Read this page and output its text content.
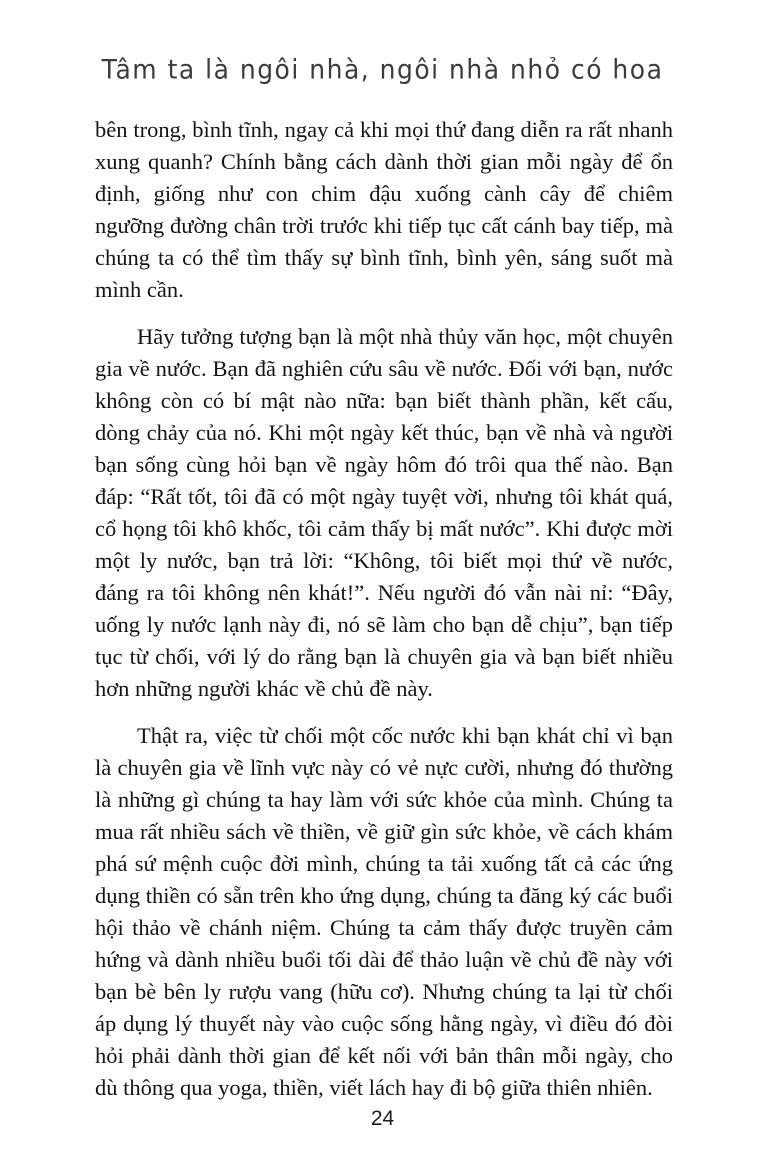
Tâm ta là ngôi nhà, ngôi nhà nhỏ có hoa

bên trong, bình tĩnh, ngay cả khi mọi thứ đang diễn ra rất nhanh xung quanh? Chính bằng cách dành thời gian mỗi ngày để ổn định, giống như con chim đậu xuống cành cây để chiêm ngưỡng đường chân trời trước khi tiếp tục cất cánh bay tiếp, mà chúng ta có thể tìm thấy sự bình tĩnh, bình yên, sáng suốt mà mình cần.

Hãy tưởng tượng bạn là một nhà thủy văn học, một chuyên gia về nước. Bạn đã nghiên cứu sâu về nước. Đối với bạn, nước không còn có bí mật nào nữa: bạn biết thành phần, kết cấu, dòng chảy của nó. Khi một ngày kết thúc, bạn về nhà và người bạn sống cùng hỏi bạn về ngày hôm đó trôi qua thế nào. Bạn đáp: “Rất tốt, tôi đã có một ngày tuyệt vời, nhưng tôi khát quá, cổ họng tôi khô khốc, tôi cảm thấy bị mất nước”. Khi được mời một ly nước, bạn trả lời: “Không, tôi biết mọi thứ về nước, đáng ra tôi không nên khát!”. Nếu người đó vẫn nài nỉ: “Đây, uống ly nước lạnh này đi, nó sẽ làm cho bạn dễ chịu”, bạn tiếp tục từ chối, với lý do rằng bạn là chuyên gia và bạn biết nhiều hơn những người khác về chủ đề này.

Thật ra, việc từ chối một cốc nước khi bạn khát chỉ vì bạn là chuyên gia về lĩnh vực này có vẻ nực cười, nhưng đó thường là những gì chúng ta hay làm với sức khỏe của mình. Chúng ta mua rất nhiều sách về thiền, về giữ gìn sức khỏe, về cách khám phá sứ mệnh cuộc đời mình, chúng ta tải xuống tất cả các ứng dụng thiền có sẵn trên kho ứng dụng, chúng ta đăng ký các buổi hội thảo về chánh niệm. Chúng ta cảm thấy được truyền cảm hứng và dành nhiều buổi tối dài để thảo luận về chủ đề này với bạn bè bên ly rượu vang (hữu cơ). Nhưng chúng ta lại từ chối áp dụng lý thuyết này vào cuộc sống hằng ngày, vì điều đó đòi hỏi phải dành thời gian để kết nối với bản thân mỗi ngày, cho dù thông qua yoga, thiền, viết lách hay đi bộ giữa thiên nhiên.

24
